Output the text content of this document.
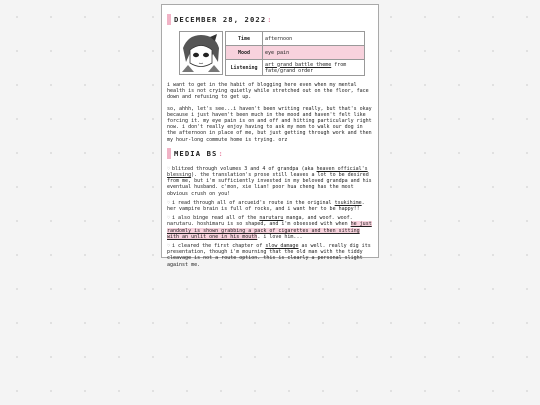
DECEMBER 28, 2022 :
Time	afternoon
Mood	eye pain
Listening	art grand battle theme from fate/grand order

i want to get in the habit of blogging here even when my mental health is not crying quietly while stretched out on the floor, face down and refusing to get up.

so, ahhh, let's see...i haven't been writing really, but that's okay because i just haven't been much in the mood and haven't felt like forcing it. my eye pain is on and off and hitting particularly right now. i don't really enjoy having to ask my mom to walk our dog in the afternoon in place of me, but just getting through work and then my hour-long commute home is trying. orz

MEDIA BS :
♡ blitzed through volumes 3 and 4 of grandpa (aka heaven official's blessing). the translation's prose still leaves a lot to be desired from me, but i'm sufficiently invested in my beloved grandpa and his eventual husband. c'mon, xie lian! poor hua cheng has the most obvious crush on you!
♡ i read through all of arcueid's route in the original tsukihime. her vampire brain is full of rocks, and i want her to be happy!!
♡ i also binge read all of the narutaru manga, and woof. woof. narutaru. hoshimaru is so shaped, and i'm obsessed with when he just randomly is shown grabbing a pack of cigarettes and then sitting with an unlit one in his mouth. i love him...
♡ i cleared the first chapter of slow damage as well. really dig its presentation, though i'm mourning that the old man with the tiddy cleavage is not a route option. this is clearly a personal slight against me.
